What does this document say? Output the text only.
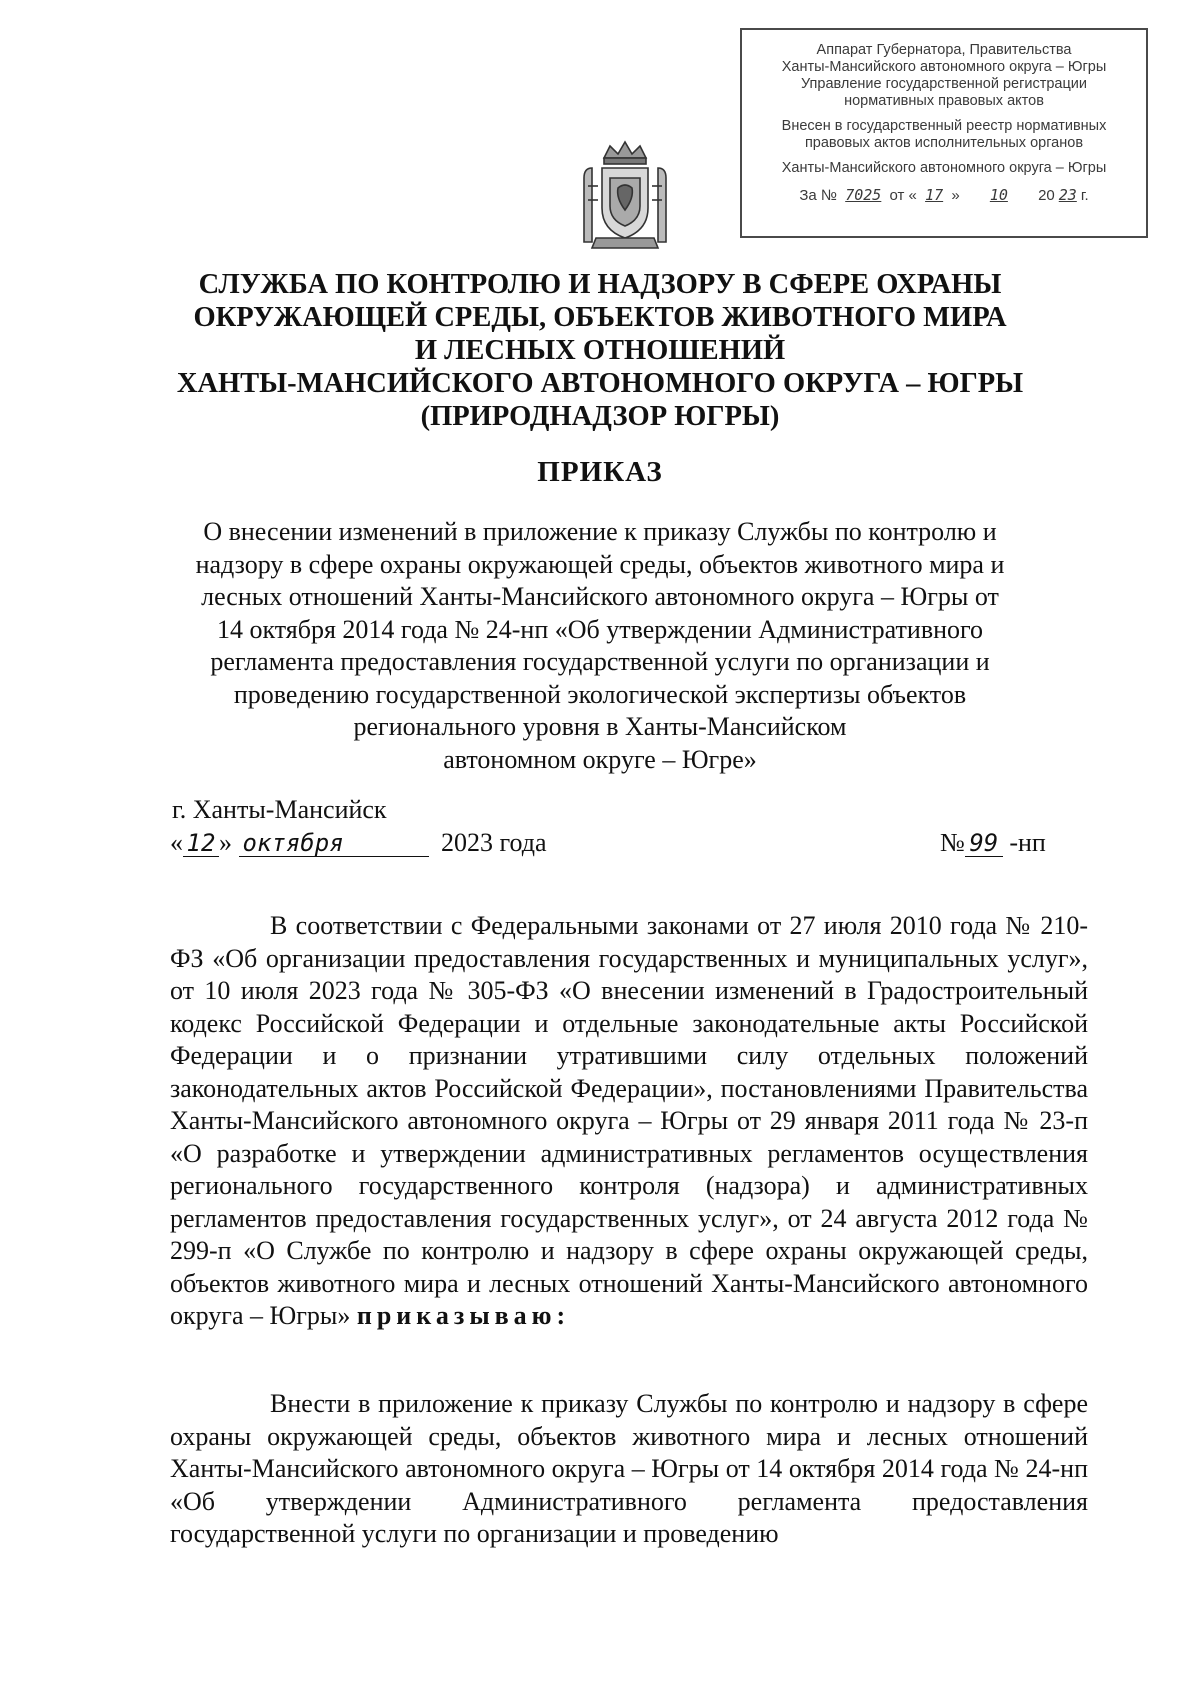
Аппарат Губернатора, Правительства
Ханты-Мансийского автономного округа – Югры
Управление государственной регистрации
нормативных правовых актов
Внесен в государственный реестр нормативных
правовых актов исполнительных органов
Ханты-Мансийского автономного округа – Югры
За № 7025 от « 17 » 10 20 23 г.
СЛУЖБА ПО КОНТРОЛЮ И НАДЗОРУ В СФЕРЕ ОХРАНЫ
ОКРУЖАЮЩЕЙ СРЕДЫ, ОБЪЕКТОВ ЖИВОТНОГО МИРА
И ЛЕСНЫХ ОТНОШЕНИЙ
ХАНТЫ-МАНСИЙСКОГО АВТОНОМНОГО ОКРУГА – ЮГРЫ
(ПРИРОДНАДЗОР ЮГРЫ)
ПРИКАЗ
О внесении изменений в приложение к приказу Службы по контролю и
надзору в сфере охраны окружающей среды, объектов животного мира и
лесных отношений Ханты-Мансийского автономного округа – Югры от
14 октября 2014 года № 24-нп «Об утверждении Административного
регламента предоставления государственной услуги по организации и
проведению государственной экологической экспертизы объектов
регионального уровня в Ханты-Мансийском
автономном округе – Югре»
г. Ханты-Мансийск
« 12 » октября	2023 года	№ 99 -нп
В соответствии с Федеральными законами от 27 июля 2010 года № 210-ФЗ «Об организации предоставления государственных и муниципальных услуг», от 10 июля 2023 года № 305-ФЗ «О внесении изменений в Градостроительный кодекс Российской Федерации и отдельные законодательные акты Российской Федерации и о признании утратившими силу отдельных положений законодательных актов Российской Федерации», постановлениями Правительства Ханты-Мансийского автономного округа – Югры от 29 января 2011 года № 23-п «О разработке и утверждении административных регламентов осуществления регионального государственного контроля (надзора) и административных регламентов предоставления государственных услуг», от 24 августа 2012 года № 299-п «О Службе по контролю и надзору в сфере охраны окружающей среды, объектов животного мира и лесных отношений Ханты-Мансийского автономного округа – Югры» приказываю:
Внести в приложение к приказу Службы по контролю и надзору в сфере охраны окружающей среды, объектов животного мира и лесных отношений Ханты-Мансийского автономного округа – Югры от 14 октября 2014 года № 24-нп «Об утверждении Административного регламента предоставления государственной услуги по организации и проведению
